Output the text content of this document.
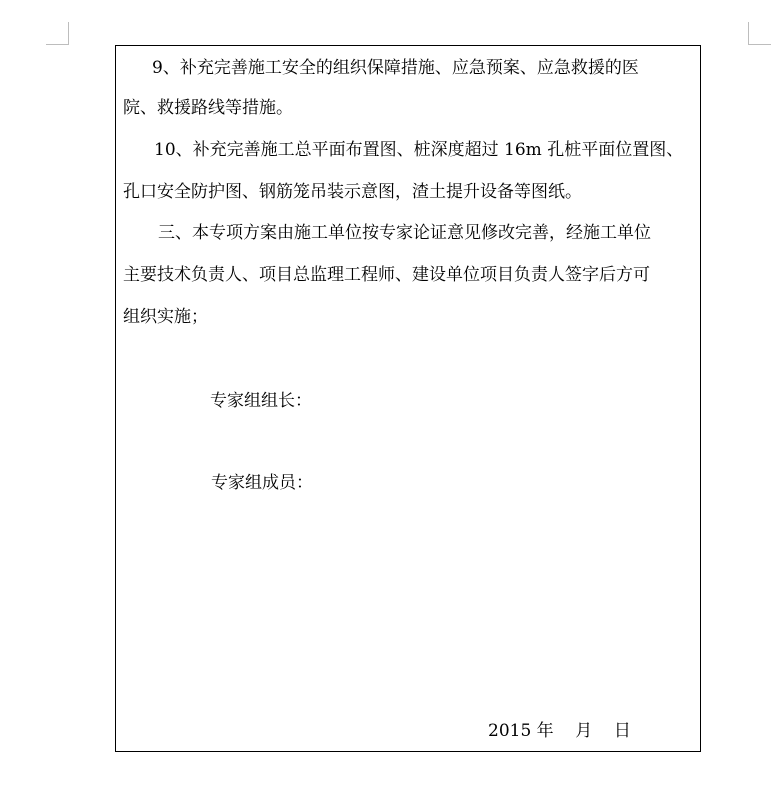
9、补充完善施工安全的组织保障措施、应急预案、应急救援的医
院、救援路线等措施。
10、补充完善施工总平面布置图、桩深度超过 16m 孔桩平面位置图、
孔口安全防护图、钢筋笼吊装示意图，渣土提升设备等图纸。
三、本专项方案由施工单位按专家论证意见修改完善，经施工单位
主要技术负责人、项目总监理工程师、建设单位项目负责人签字后方可
组织实施；
专家组组长：
专家组成员：
2015 年 月 日
